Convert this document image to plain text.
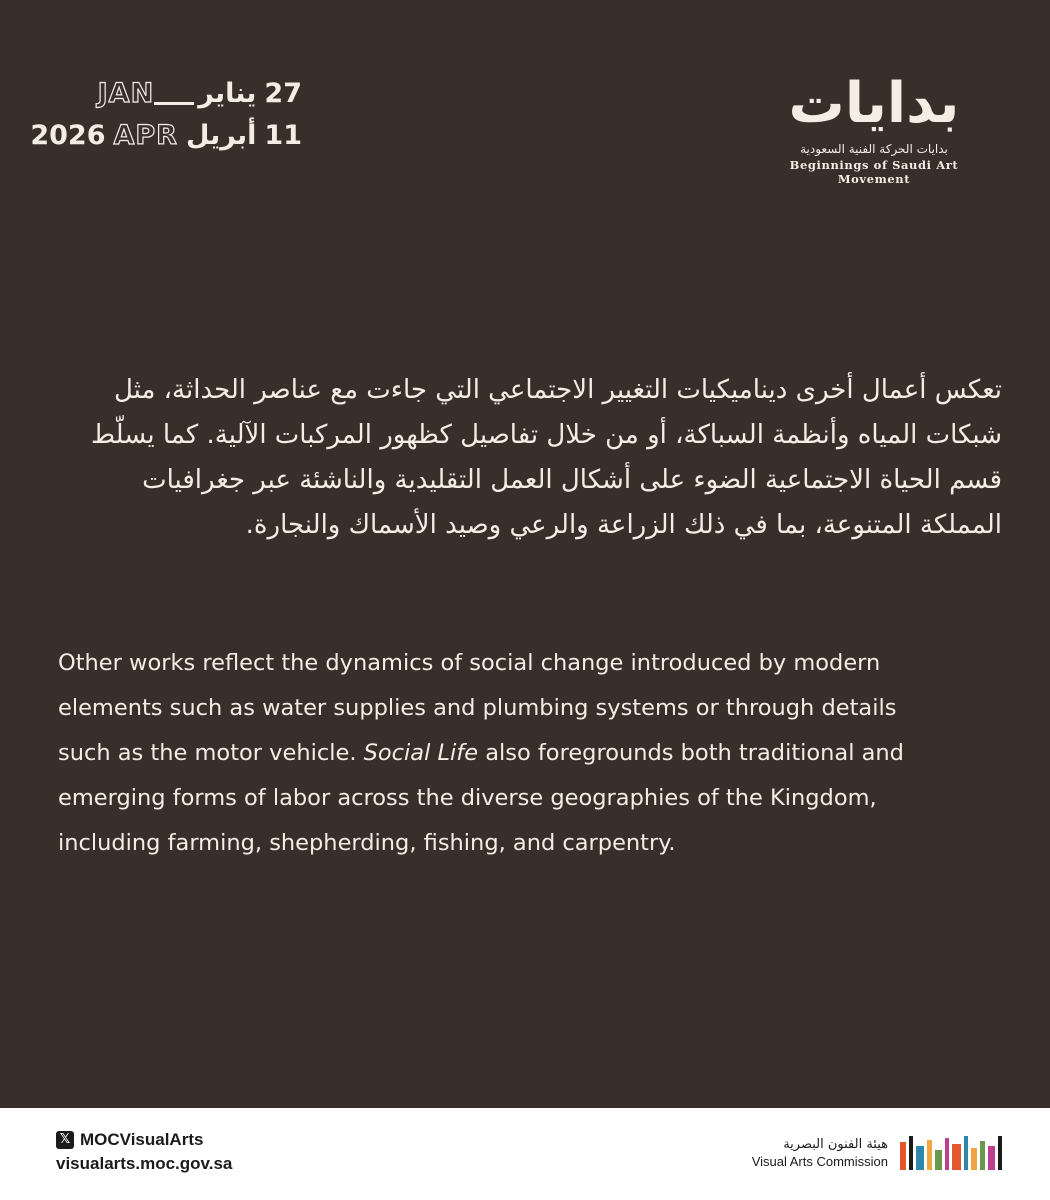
JAN يناير 27
2026 APR أبريل 11	بدايات
بدايات الحركة الفنية السعودية
Beginnings of Saudi Art Movement

تعكس أعمال أخرى ديناميكيات التغيير الاجتماعي التي جاءت مع عناصر الحداثة، مثل شبكات المياه وأنظمة السباكة، أو من خلال تفاصيل كظهور المركبات الآلية. كما يسلّط قسم الحياة الاجتماعية الضوء على أشكال العمل التقليدية والناشئة عبر جغرافيات المملكة المتنوعة، بما في ذلك الزراعة والرعي وصيد الأسماك والنجارة.

Other works reflect the dynamics of social change introduced by modern elements such as water supplies and plumbing systems or through details such as the motor vehicle. Social Life also foregrounds both traditional and emerging forms of labor across the diverse geographies of the Kingdom, including farming, shepherding, fishing, and carpentry.

𝕏 MOCVisualArts
visualarts.moc.gov.sa
هيئة الفنون البصرية
Visual Arts Commission
